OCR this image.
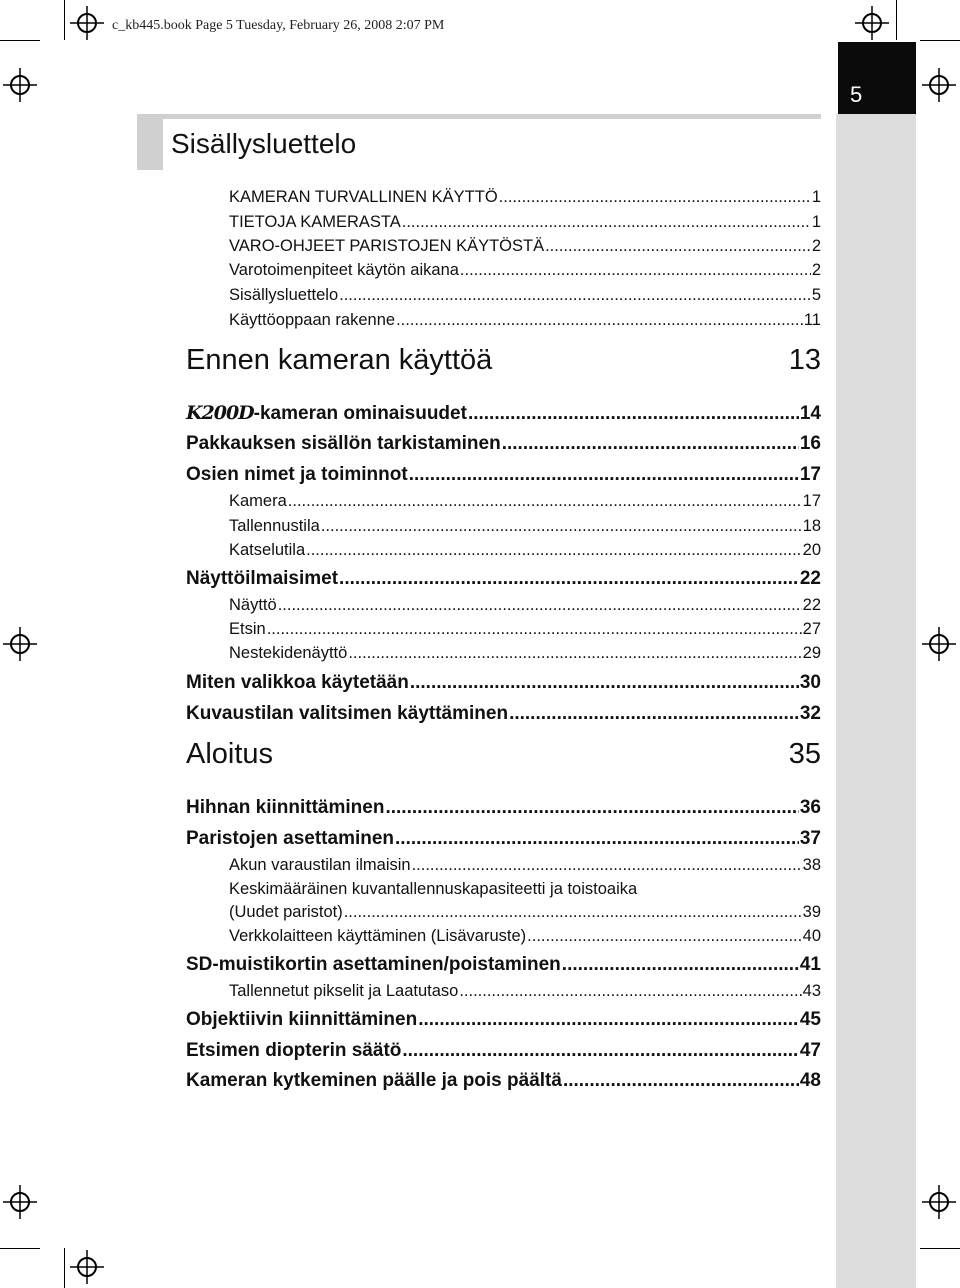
c_kb445.book Page 5 Tuesday, February 26, 2008 2:07 PM
5
Sisällysluettelo
KAMERAN TURVALLINEN KÄYTTÖ .....	1
TIETOJA KAMERASTA .....	1
VARO-OHJEET PARISTOJEN KÄYTÖSTÄ .....	2
Varotoimenpiteet käytön aikana .....	2
Sisällysluettelo .....	5
Käyttöoppaan rakenne .....	11
Ennen kameran käyttöä	13
K200D-kameran ominaisuudet .....	14
Pakkauksen sisällön tarkistaminen .....	16
Osien nimet ja toiminnot .....	17
Kamera .....	17
Tallennustila .....	18
Katselutila .....	20
Näyttöilmaisimet .....	22
Näyttö .....	22
Etsin .....	27
Nestekidenäyttö .....	29
Miten valikkoa käytetään .....	30
Kuvaustilan valitsimen käyttäminen .....	32
Aloitus	35
Hihnan kiinnittäminen .....	36
Paristojen asettaminen .....	37
Akun varaustilan ilmaisin .....	38
Keskimääräinen kuvantallennuskapasiteetti ja toistoaika
(Uudet paristot) .....	39
Verkkolaitteen käyttäminen (Lisävaruste) .....	40
SD-muistikortin asettaminen/poistaminen .....	41
Tallennetut pikselit ja Laatutaso .....	43
Objektiivin kiinnittäminen .....	45
Etsimen diopterin säätö .....	47
Kameran kytkeminen päälle ja pois päältä .....	48
